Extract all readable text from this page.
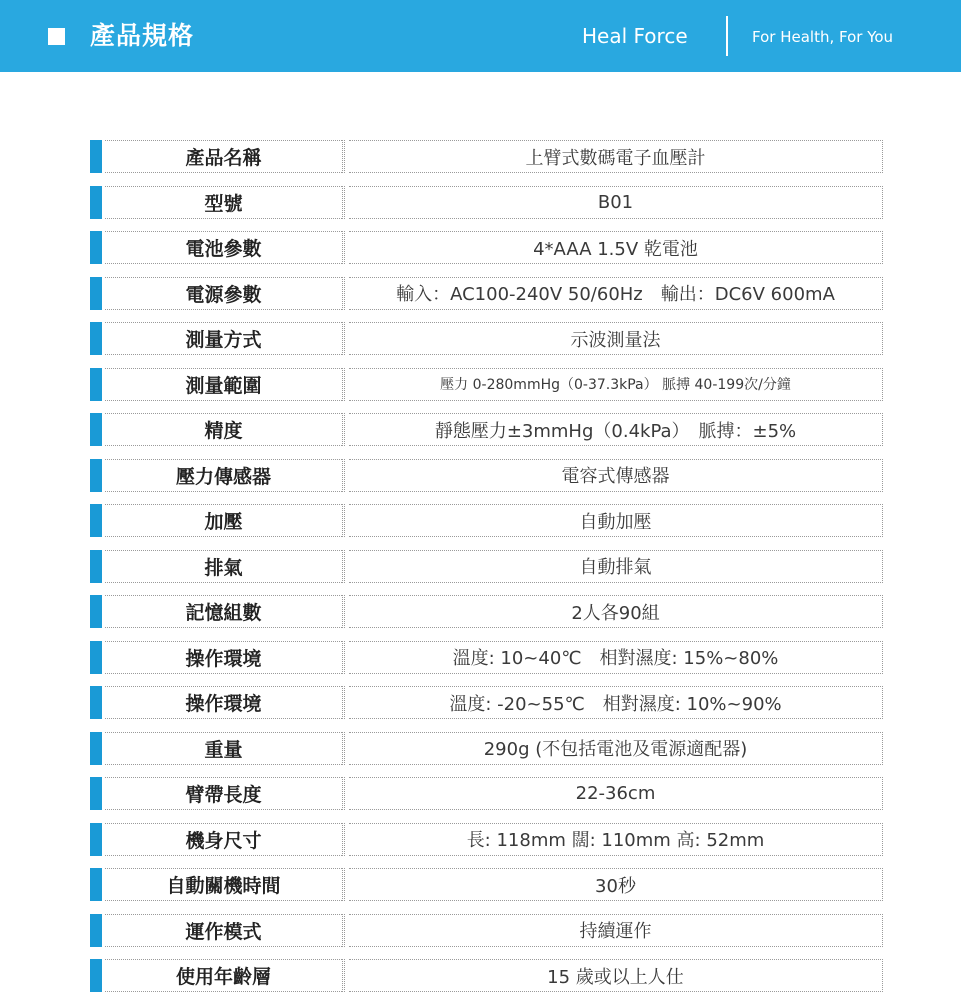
產品規格	Heal Force	For Health, For You
產品名稱	上臂式數碼電子血壓計
型號	B01
電池參數	4*AAA 1.5V 乾電池
電源參數	輸入：AC100-240V 50/60Hz　輸出：DC6V 600mA
測量方式	示波測量法
測量範圍	壓力 0-280mmHg（0-37.3kPa） 脈搏 40-199次/分鐘
精度	靜態壓力±3mmHg（0.4kPa）　脈搏：±5%
壓力傳感器	電容式傳感器
加壓	自動加壓
排氣	自動排氣
記憶組數	2人各90組
操作環境	溫度: 10~40℃　相對濕度: 15%~80%
操作環境	溫度: -20~55℃　相對濕度: 10%~90%
重量	290g (不包括電池及電源適配器)
臂帶長度	22-36cm
機身尺寸	長: 118mm 闊: 110mm 高: 52mm
自動關機時間	30秒
運作模式	持續運作
使用年齡層	15 歲或以上人仕
